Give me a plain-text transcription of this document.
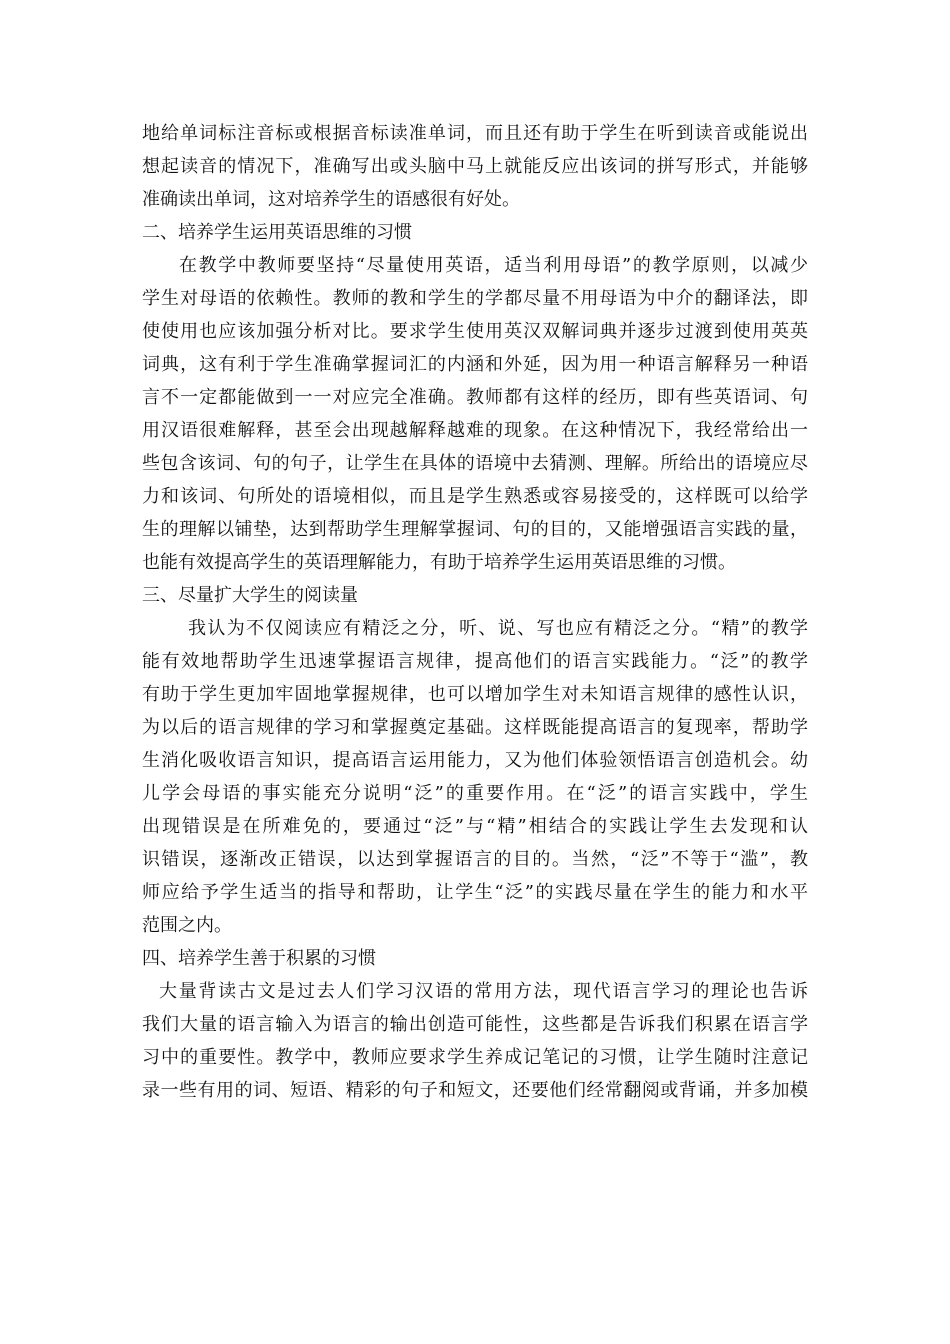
地给单词标注音标或根据音标读准单词，而且还有助于学生在听到读音或能说出
想起读音的情况下，准确写出或头脑中马上就能反应出该词的拼写形式，并能够
准确读出单词，这对培养学生的语感很有好处。
二、培养学生运用英语思维的习惯
在教学中教师要坚持“尽量使用英语，适当利用母语”的教学原则，以减少
学生对母语的依赖性。教师的教和学生的学都尽量不用母语为中介的翻译法，即
使使用也应该加强分析对比。要求学生使用英汉双解词典并逐步过渡到使用英英
词典，这有利于学生准确掌握词汇的内涵和外延，因为用一种语言解释另一种语
言不一定都能做到一一对应完全准确。教师都有这样的经历，即有些英语词、句
用汉语很难解释，甚至会出现越解释越难的现象。在这种情况下，我经常给出一
些包含该词、句的句子，让学生在具体的语境中去猜测、理解。所给出的语境应尽
力和该词、句所处的语境相似，而且是学生熟悉或容易接受的，这样既可以给学
生的理解以铺垫，达到帮助学生理解掌握词、句的目的，又能增强语言实践的量，
也能有效提高学生的英语理解能力，有助于培养学生运用英语思维的习惯。
三、尽量扩大学生的阅读量
我认为不仅阅读应有精泛之分，听、说、写也应有精泛之分。“精”的教学
能有效地帮助学生迅速掌握语言规律，提高他们的语言实践能力。“泛”的教学
有助于学生更加牢固地掌握规律，也可以增加学生对未知语言规律的感性认识，
为以后的语言规律的学习和掌握奠定基础。这样既能提高语言的复现率，帮助学
生消化吸收语言知识，提高语言运用能力，又为他们体验领悟语言创造机会。幼
儿学会母语的事实能充分说明“泛”的重要作用。在“泛”的语言实践中，学生
出现错误是在所难免的，要通过“泛”与“精”相结合的实践让学生去发现和认
识错误，逐渐改正错误，以达到掌握语言的目的。当然，“泛”不等于“滥”，教
师应给予学生适当的指导和帮助，让学生“泛”的实践尽量在学生的能力和水平
范围之内。
四、培养学生善于积累的习惯
大量背读古文是过去人们学习汉语的常用方法，现代语言学习的理论也告诉
我们大量的语言输入为语言的输出创造可能性，这些都是告诉我们积累在语言学
习中的重要性。教学中，教师应要求学生养成记笔记的习惯，让学生随时注意记
录一些有用的词、短语、精彩的句子和短文，还要他们经常翻阅或背诵，并多加模
